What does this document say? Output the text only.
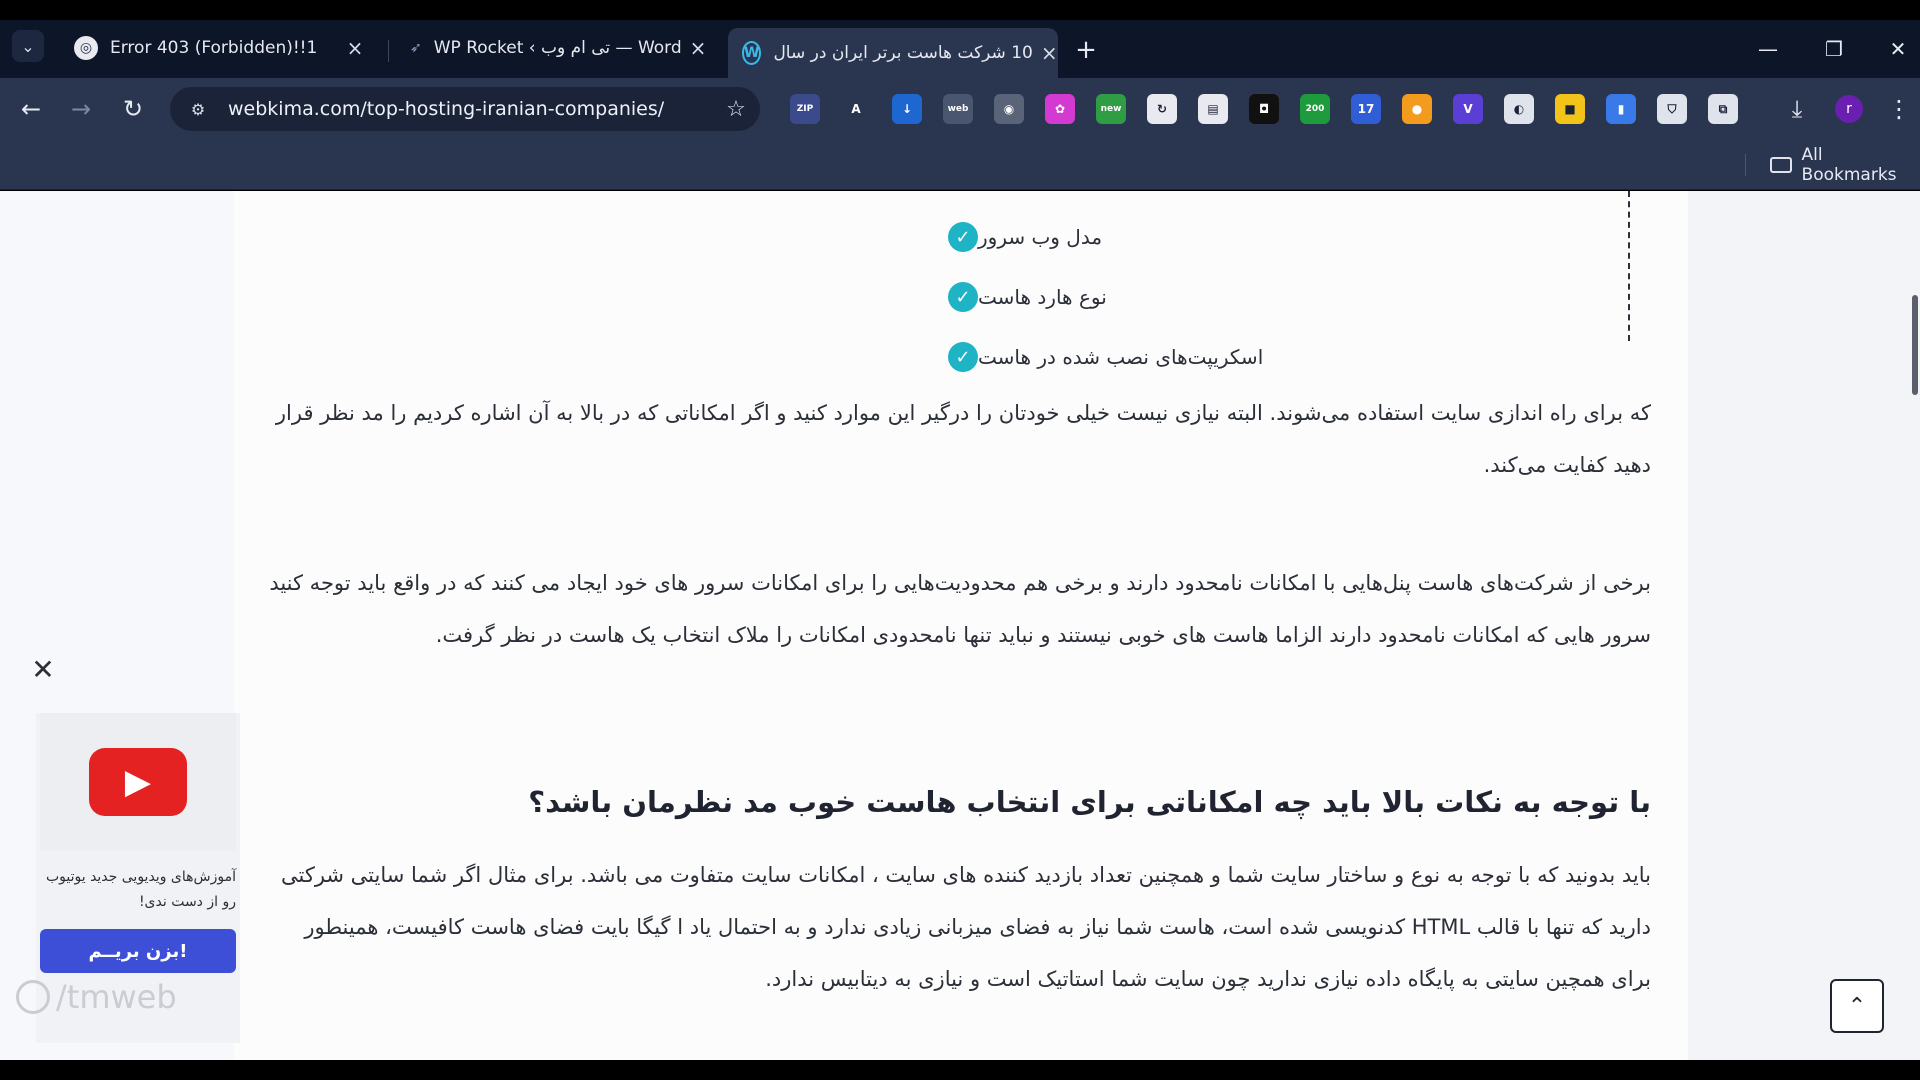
⌄	◎	Error 403 (Forbidden)!!1	×	➶ WP Rocket ‹ تی ام وب — Word ×	W 10 شرکت هاست برتر ایران در سال × +	— ❐ ✕
← → ↻	⚙	webkima.com/top-hosting-iranian-companies/	☆	ZIP	A	↓	web	◉	✿	new	↻	▤	◘	200	17	●	V	◐	■	▮	⛉	⧉	⤓	r	⋮
All Bookmarks
✓ مدل وب سرور
✓ نوع هارد هاست
✓ اسکریپت‌های نصب شده در هاست

که برای راه اندازی سایت استفاده می‌شوند. البته نیازی نیست خیلی خودتان را درگیر این موارد کنید و اگر امکاناتی که در بالا به آن اشاره کردیم را مد نظر قرار دهید کفایت می‌کند.

برخی از شرکت‌های هاست پنل‌هایی با امکانات نامحدود دارند و برخی هم محدودیت‌هایی را برای امکانات سرور های خود ایجاد می کنند که در واقع باید توجه کنید سرور هایی که امکانات نامحدود دارند الزاما هاست های خوبی نیستند و نباید تنها نامحدودی امکانات را ملاک انتخاب یک هاست در نظر گرفت.

با توجه به نکات بالا باید چه امکاناتی برای انتخاب هاست خوب مد نظرمان باشد؟

باید بدونید که با توجه به نوع و ساختار سایت شما و همچنین تعداد بازدید کننده های سایت ، امکانات سایت متفاوت می باشد. برای مثال اگر شما سایتی شرکتی دارید که تنها با قالب HTML کدنویسی شده است، هاست شما نیاز به فضای میزبانی زیادی ندارد و به احتمال یاد ا گیگا بایت فضای هاست کافیست، همینطور برای همچین سایتی به پایگاه داده نیازی ندارید چون سایت شما استاتیک است و نیازی به دیتابیس ندارد.

✕
▶
آموزش‌های ویدیویی جدید یوتیوب رو از دست ندی!
بزن بریــم!
/tmweb	⌃
